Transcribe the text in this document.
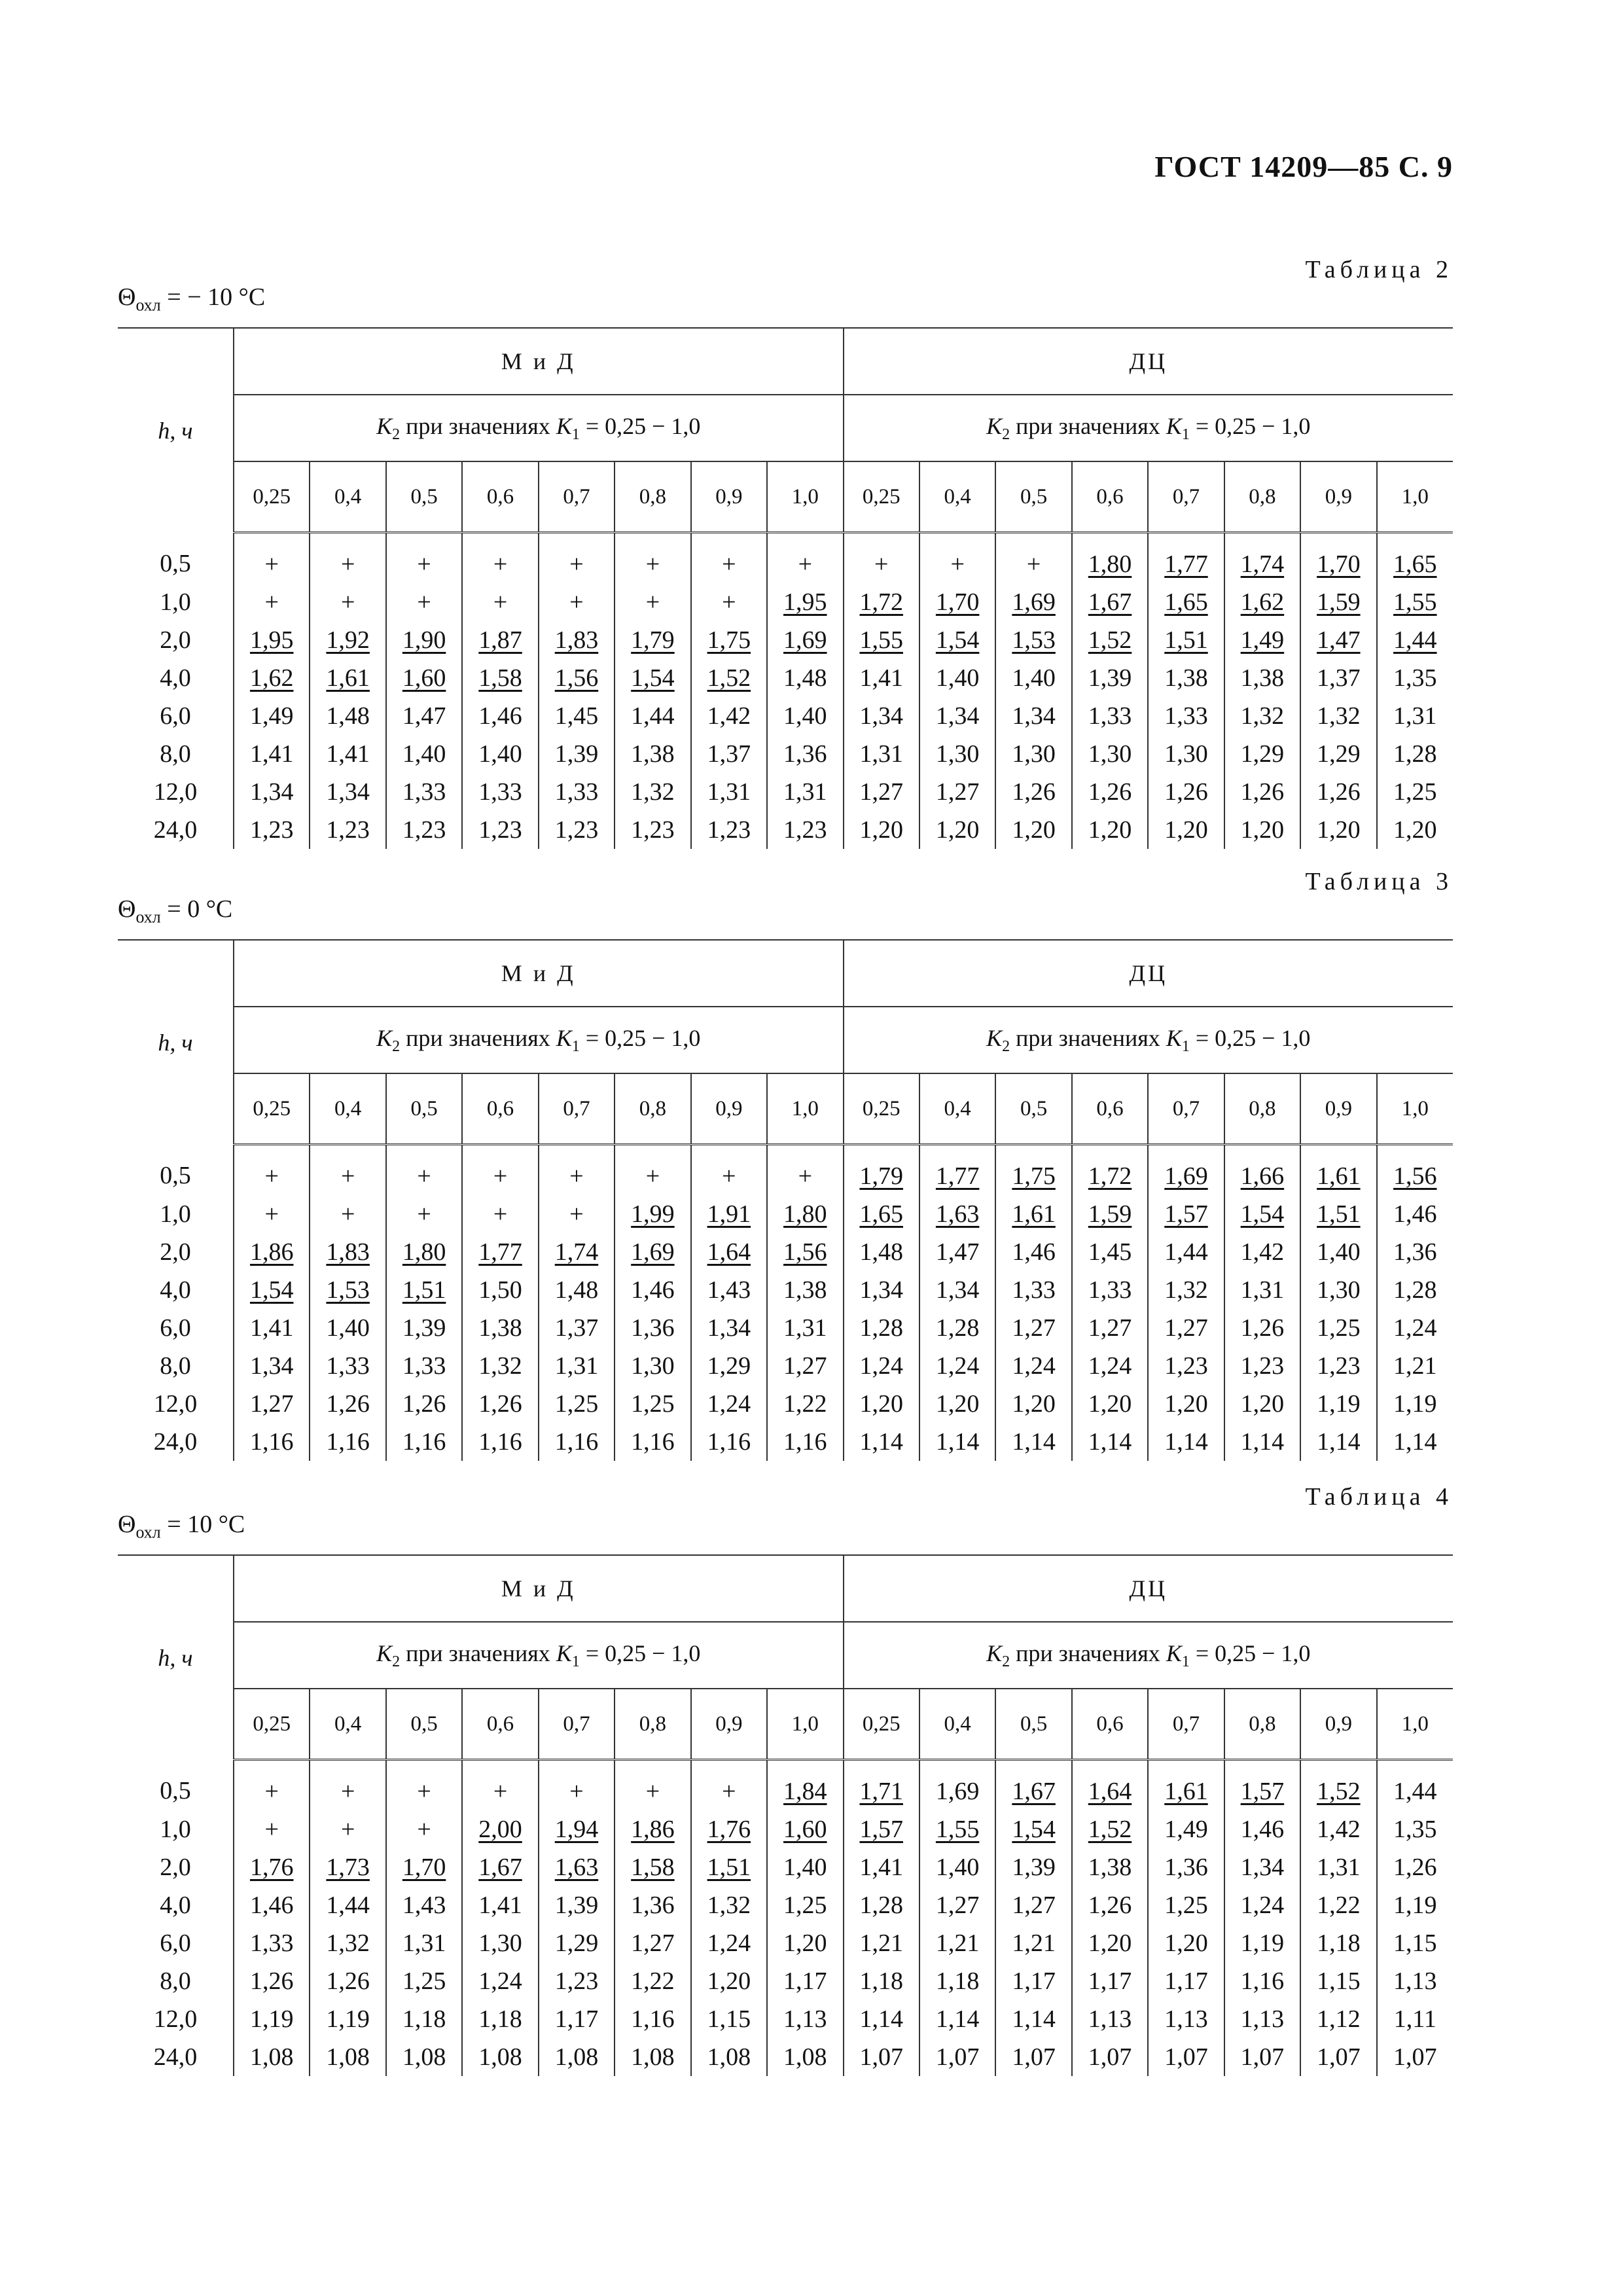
ГОСТ 14209—85 С. 9
Таблица 2
$\Theta_{охл}$ = − 10 °С
h, ч	М и Д								ДЦ							
	$K_2$ при значениях $K_1 = 0,25 - 1,0$								$K_2$ при значениях $K_1 = 0,25 - 1,0$							
	0,25	0,4	0,5	0,6	0,7	0,8	0,9	1,0	0,25	0,4	0,5	0,6	0,7	0,8	0,9	1,0
0,5	+	+	+	+	+	+	+	+	+	+	+	1,80	1,77	1,74	1,70	1,65
1,0	+	+	+	+	+	+	+	1,95	1,72	1,70	1,69	1,67	1,65	1,62	1,59	1,55
2,0	1,95	1,92	1,90	1,87	1,83	1,79	1,75	1,69	1,55	1,54	1,53	1,52	1,51	1,49	1,47	1,44
4,0	1,62	1,61	1,60	1,58	1,56	1,54	1,52	1,48	1,41	1,40	1,40	1,39	1,38	1,38	1,37	1,35
6,0	1,49	1,48	1,47	1,46	1,45	1,44	1,42	1,40	1,34	1,34	1,34	1,33	1,33	1,32	1,32	1,31
8,0	1,41	1,41	1,40	1,40	1,39	1,38	1,37	1,36	1,31	1,30	1,30	1,30	1,30	1,29	1,29	1,28
12,0	1,34	1,34	1,33	1,33	1,33	1,32	1,31	1,31	1,27	1,27	1,26	1,26	1,26	1,26	1,26	1,25
24,0	1,23	1,23	1,23	1,23	1,23	1,23	1,23	1,23	1,20	1,20	1,20	1,20	1,20	1,20	1,20	1,20
Таблица 3
$\Theta_{охл} = 0$ °С
h, ч	М и Д								ДЦ							
	$K_2$ при значениях $K_1 = 0,25 - 1,0$								$K_2$ при значениях $K_1 = 0,25 - 1,0$							
	0,25	0,4	0,5	0,6	0,7	0,8	0,9	1,0	0,25	0,4	0,5	0,6	0,7	0,8	0,9	1,0
0,5	+	+	+	+	+	+	+	+	1,79	1,77	1,75	1,72	1,69	1,66	1,61	1,56
1,0	+	+	+	+	+	1,99	1,91	1,80	1,65	1,63	1,61	1,59	1,57	1,54	1,51	1,46
2,0	1,86	1,83	1,80	1,77	1,74	1,69	1,64	1,56	1,48	1,47	1,46	1,45	1,44	1,42	1,40	1,36
4,0	1,54	1,53	1,51	1,50	1,48	1,46	1,43	1,38	1,34	1,34	1,33	1,33	1,32	1,31	1,30	1,28
6,0	1,41	1,40	1,39	1,38	1,37	1,36	1,34	1,31	1,28	1,28	1,27	1,27	1,27	1,26	1,25	1,24
8,0	1,34	1,33	1,33	1,32	1,31	1,30	1,29	1,27	1,24	1,24	1,24	1,24	1,23	1,23	1,23	1,21
12,0	1,27	1,26	1,26	1,26	1,25	1,25	1,24	1,22	1,20	1,20	1,20	1,20	1,20	1,20	1,19	1,19
24,0	1,16	1,16	1,16	1,16	1,16	1,16	1,16	1,16	1,14	1,14	1,14	1,14	1,14	1,14	1,14	1,14
Таблица 4
$\Theta_{охл} = 10$ °С
h, ч	М и Д								ДЦ							
	$K_2$ при значениях $K_1 = 0,25 - 1,0$								$K_2$ при значениях $K_1 = 0,25 - 1,0$							
	0,25	0,4	0,5	0,6	0,7	0,8	0,9	1,0	0,25	0,4	0,5	0,6	0,7	0,8	0,9	1,0
0,5	+	+	+	+	+	+	+	1,84	1,71	1,69	1,67	1,64	1,61	1,57	1,52	1,44
1,0	+	+	+	2,00	1,94	1,86	1,76	1,60	1,57	1,55	1,54	1,52	1,49	1,46	1,42	1,35
2,0	1,76	1,73	1,70	1,67	1,63	1,58	1,51	1,40	1,41	1,40	1,39	1,38	1,36	1,34	1,31	1,26
4,0	1,46	1,44	1,43	1,41	1,39	1,36	1,32	1,25	1,28	1,27	1,27	1,26	1,25	1,24	1,22	1,19
6,0	1,33	1,32	1,31	1,30	1,29	1,27	1,24	1,20	1,21	1,21	1,21	1,20	1,20	1,19	1,18	1,15
8,0	1,26	1,26	1,25	1,24	1,23	1,22	1,20	1,17	1,18	1,18	1,17	1,17	1,17	1,16	1,15	1,13
12,0	1,19	1,19	1,18	1,18	1,17	1,16	1,15	1,13	1,14	1,14	1,14	1,13	1,13	1,13	1,12	1,11
24,0	1,08	1,08	1,08	1,08	1,08	1,08	1,08	1,08	1,07	1,07	1,07	1,07	1,07	1,07	1,07	1,07
